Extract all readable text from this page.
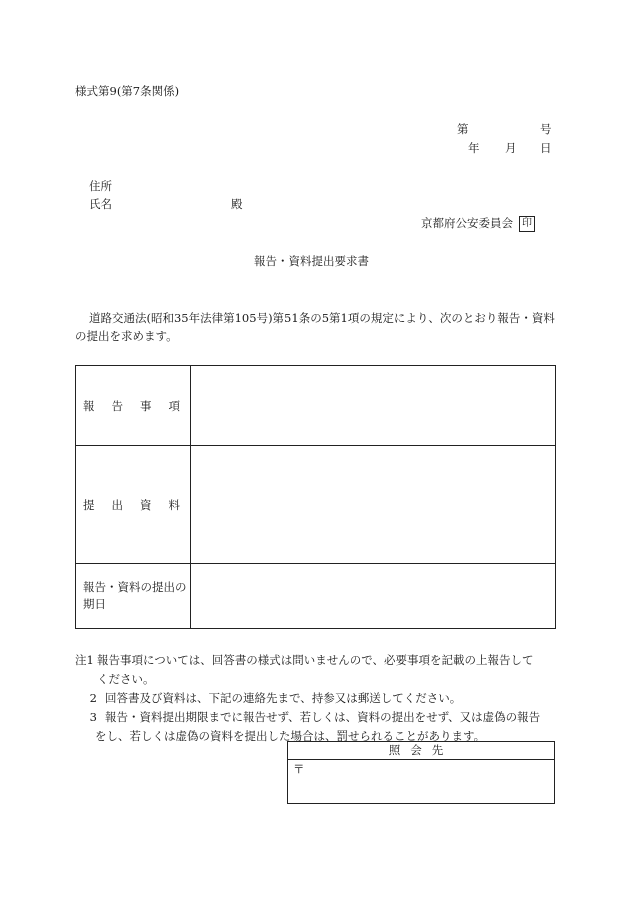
様式第9(第7条関係)
第	号
年 月 日
住所
氏名	殿
京都府公安委員会 印
報告・資料提出要求書
道路交通法(昭和35年法律第105号)第51条の5第1項の規定により、次のとおり報告・資料
の提出を求めます。
報 告 事 項	

提 出 資 料	

報告・資料の提出の
期日	

注1 報告事項については、回答書の様式は問いませんので、必要事項を記載の上報告して
ください。
2 回答書及び資料は、下記の連絡先まで、持参又は郵送してください。
3 報告・資料提出期限までに報告せず、若しくは、資料の提出をせず、又は虚偽の報告
をし、若しくは虚偽の資料を提出した場合は、罰せられることがあります。
照会先
〒
